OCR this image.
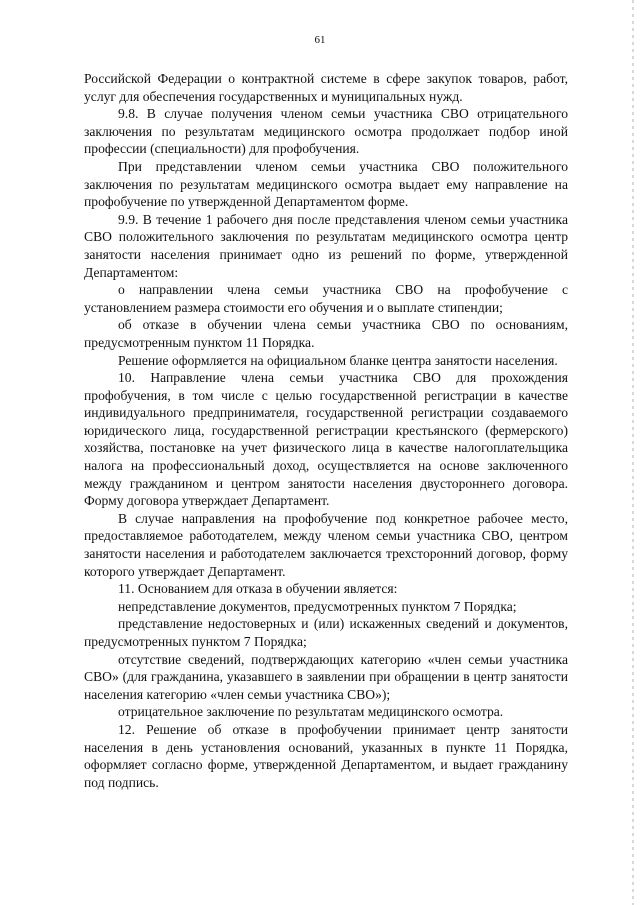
61

Российской Федерации о контрактной системе в сфере закупок товаров, работ, услуг для обеспечения государственных и муниципальных нужд.

9.8. В случае получения членом семьи участника СВО отрицательного заключения по результатам медицинского осмотра продолжает подбор иной профессии (специальности) для профобучения.

При представлении членом семьи участника СВО положительного заключения по результатам медицинского осмотра выдает ему направление на профобучение по утвержденной Департаментом форме.

9.9. В течение 1 рабочего дня после представления членом семьи участника СВО положительного заключения по результатам медицинского осмотра центр занятости населения принимает одно из решений по форме, утвержденной Департаментом:

о направлении члена семьи участника СВО на профобучение с установлением размера стоимости его обучения и о выплате стипендии;

об отказе в обучении члена семьи участника СВО по основаниям, предусмотренным пунктом 11 Порядка.

Решение оформляется на официальном бланке центра занятости населения.

10. Направление члена семьи участника СВО для прохождения профобучения, в том числе с целью государственной регистрации в качестве индивидуального предпринимателя, государственной регистрации создаваемого юридического лица, государственной регистрации крестьянского (фермерского) хозяйства, постановке на учет физического лица в качестве налогоплательщика налога на профессиональный доход, осуществляется на основе заключенного между гражданином и центром занятости населения двустороннего договора. Форму договора утверждает Департамент.

В случае направления на профобучение под конкретное рабочее место, предоставляемое работодателем, между членом семьи участника СВО, центром занятости населения и работодателем заключается трехсторонний договор, форму которого утверждает Департамент.

11. Основанием для отказа в обучении является:

непредставление документов, предусмотренных пунктом 7 Порядка;

представление недостоверных и (или) искаженных сведений и документов, предусмотренных пунктом 7 Порядка;

отсутствие сведений, подтверждающих категорию «член семьи участника СВО» (для гражданина, указавшего в заявлении при обращении в центр занятости населения категорию «член семьи участника СВО»);

отрицательное заключение по результатам медицинского осмотра.

12. Решение об отказе в профобучении принимает центр занятости населения в день установления оснований, указанных в пункте 11 Порядка, оформляет согласно форме, утвержденной Департаментом, и выдает гражданину под подпись.
